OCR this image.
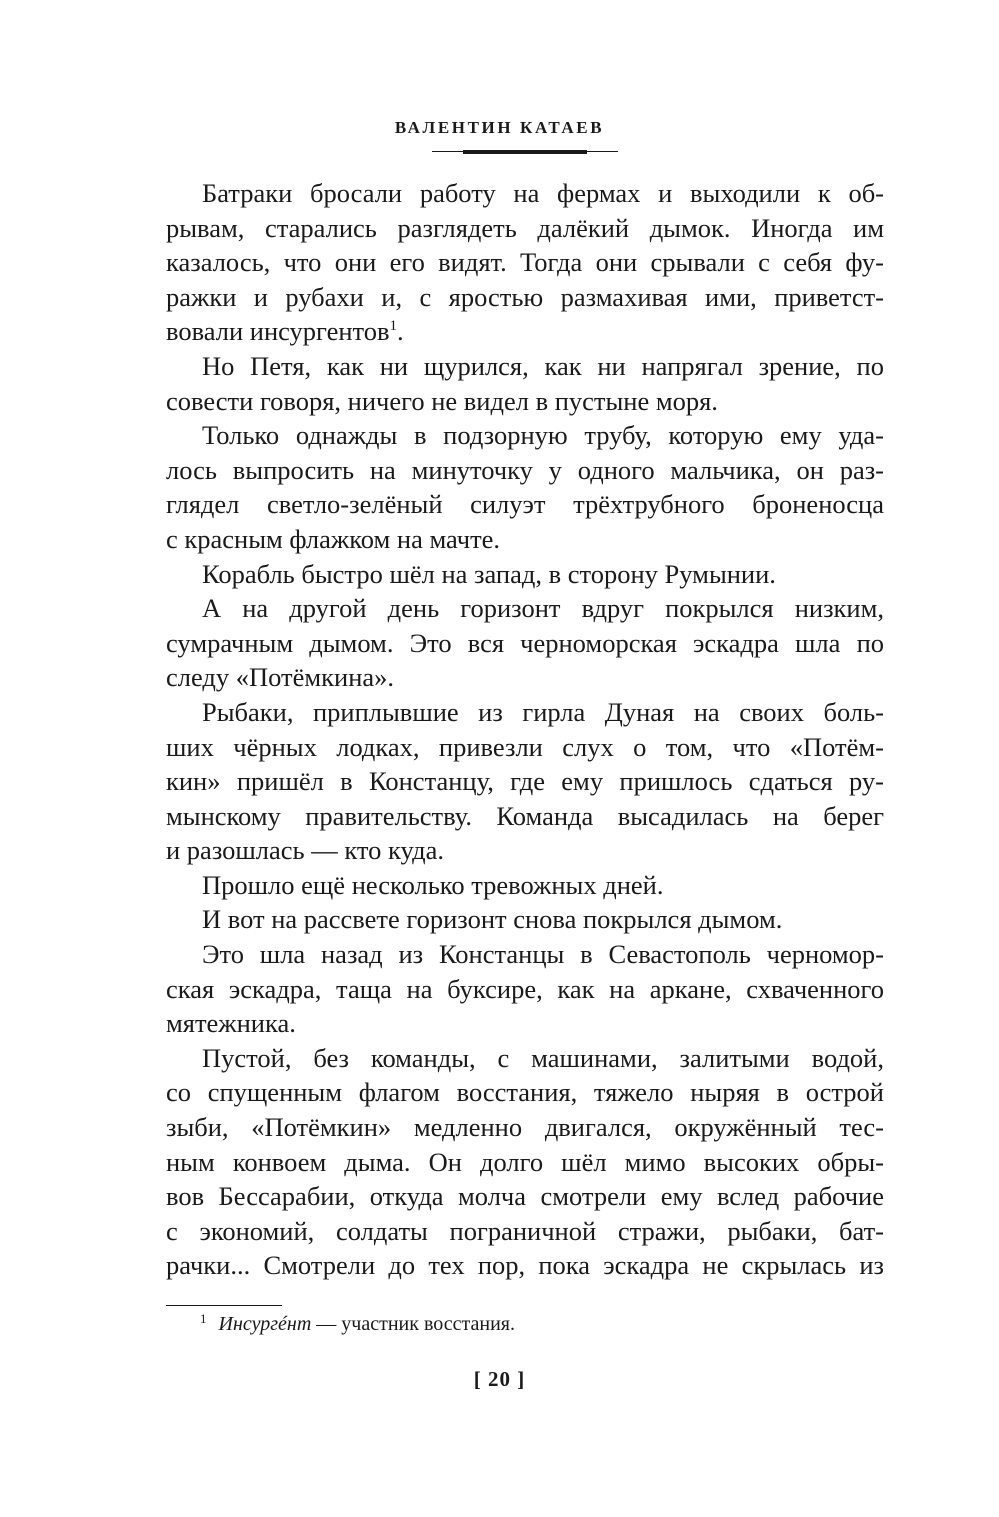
ВАЛЕНТИН КАТАЕВ
Батраки бросали работу на фермах и выходили к об-
рывам, старались разглядеть далёкий дымок. Иногда им
казалось, что они его видят. Тогда они срывали с себя фу-
ражки и рубахи и, с яростью размахивая ими, приветст-
вовали инсургентов$^1$.
Но Петя, как ни щурился, как ни напрягал зрение, по
совести говоря, ничего не видел в пустыне моря.
Только однажды в подзорную трубу, которую ему уда-
лось выпросить на минуточку у одного мальчика, он раз-
глядел светло-зелёный силуэт трёхтрубного броненосца
с красным флажком на мачте.
Корабль быстро шёл на запад, в сторону Румынии.
А на другой день горизонт вдруг покрылся низким,
сумрачным дымом. Это вся черноморская эскадра шла по
следу «Потёмкина».
Рыбаки, приплывшие из гирла Дуная на своих боль-
ших чёрных лодках, привезли слух о том, что «Потём-
кин» пришёл в Констанцу, где ему пришлось сдаться ру-
мынскому правительству. Команда высадилась на берег
и разошлась — кто куда.
Прошло ещё несколько тревожных дней.
И вот на рассвете горизонт снова покрылся дымом.
Это шла назад из Констанцы в Севастополь черномор-
ская эскадра, таща на буксире, как на аркане, схваченного
мятежника.
Пустой, без команды, с машинами, залитыми водой,
со спущенным флагом восстания, тяжело ныряя в острой
зыби, «Потёмкин» медленно двигался, окружённый тес-
ным конвоем дыма. Он долго шёл мимо высоких обры-
вов Бессарабии, откуда молча смотрели ему вслед рабочие
с экономий, солдаты пограничной стражи, рыбаки, бат-
рачки... Смотрели до тех пор, пока эскадра не скрылась из
$^1$ Инсургéнт — участник восстания.
[ 20 ]
